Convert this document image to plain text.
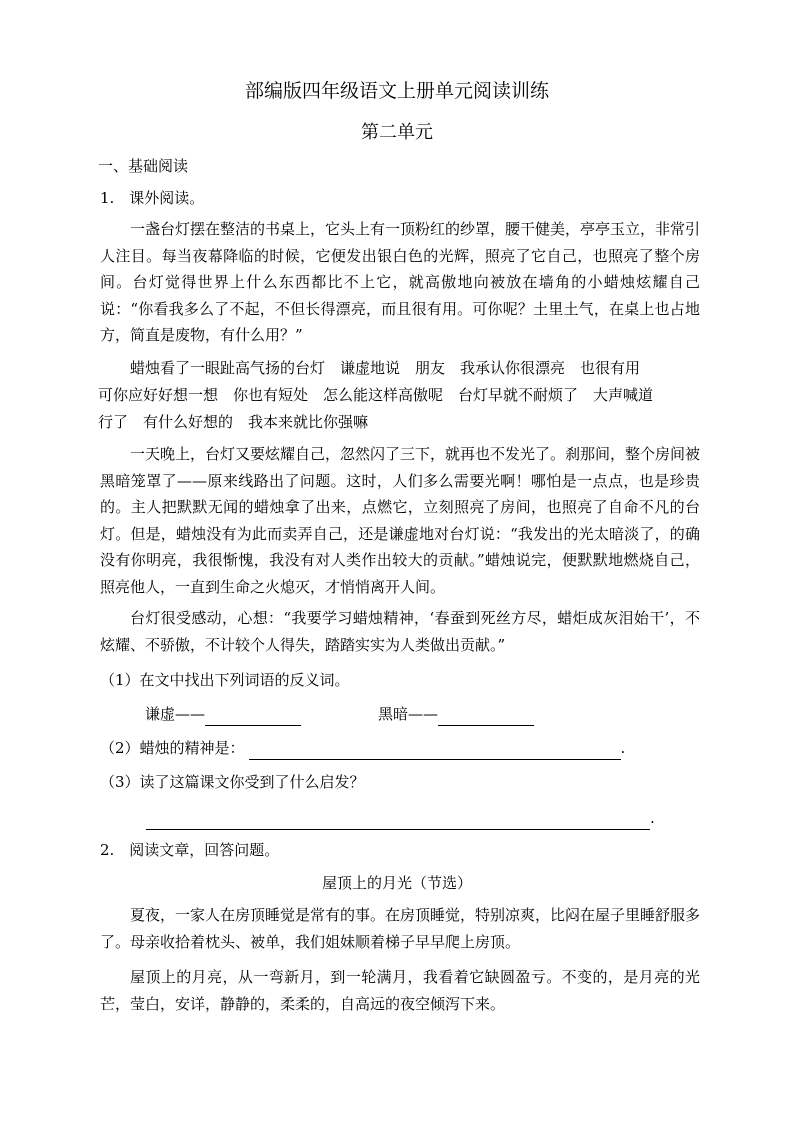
部编版四年级语文上册单元阅读训练
第二单元
一、基础阅读
1.　课外阅读。
一盏台灯摆在整洁的书桌上，它头上有一顶粉红的纱罩，腰干健美，亭亭玉立，非常引人注目。每当夜幕降临的时候，它便发出银白色的光辉，照亮了它自己，也照亮了整个房间。台灯觉得世界上什么东西都比不上它，就高傲地向被放在墙角的小蜡烛炫耀自己说：“你看我多么了不起，不但长得漂亮，而且很有用。可你呢？土里土气，在桌上也占地方，简直是废物，有什么用？”
蜡烛看了一眼趾高气扬的台灯　谦虚地说　朋友　我承认你很漂亮　也很有用
可你应好好想一想　你也有短处　怎么能这样高傲呢　台灯早就不耐烦了　大声喊道
行了　有什么好想的　我本来就比你强嘛
一天晚上，台灯又要炫耀自己，忽然闪了三下，就再也不发光了。刹那间，整个房间被黑暗笼罩了——原来线路出了问题。这时，人们多么需要光啊！哪怕是一点点，也是珍贵的。主人把默默无闻的蜡烛拿了出来，点燃它，立刻照亮了房间，也照亮了自命不凡的台灯。但是，蜡烛没有为此而卖弄自己，还是谦虚地对台灯说：“我发出的光太暗淡了，的确没有你明亮，我很惭愧，我没有对人类作出较大的贡献。”蜡烛说完，便默默地燃烧自己，照亮他人，一直到生命之火熄灭，才悄悄离开人间。
台灯很受感动，心想：“我要学习蜡烛精神，‘春蚕到死丝方尽，蜡炬成灰泪始干’，不炫耀、不骄傲，不计较个人得失，踏踏实实为人类做出贡献。”
（1）在文中找出下列词语的反义词。
谦虚——	黑暗——
（2）蜡烛的精神是：	.
（3）读了这篇课文你受到了什么启发？
.
2.　阅读文章，回答问题。
屋顶上的月光（节选）
夏夜，一家人在房顶睡觉是常有的事。在房顶睡觉，特别凉爽，比闷在屋子里睡舒服多了。母亲收拾着枕头、被单，我们姐妹顺着梯子早早爬上房顶。
屋顶上的月亮，从一弯新月，到一轮满月，我看着它缺圆盈亏。不变的，是月亮的光芒，莹白，安详，静静的，柔柔的，自高远的夜空倾泻下来。
